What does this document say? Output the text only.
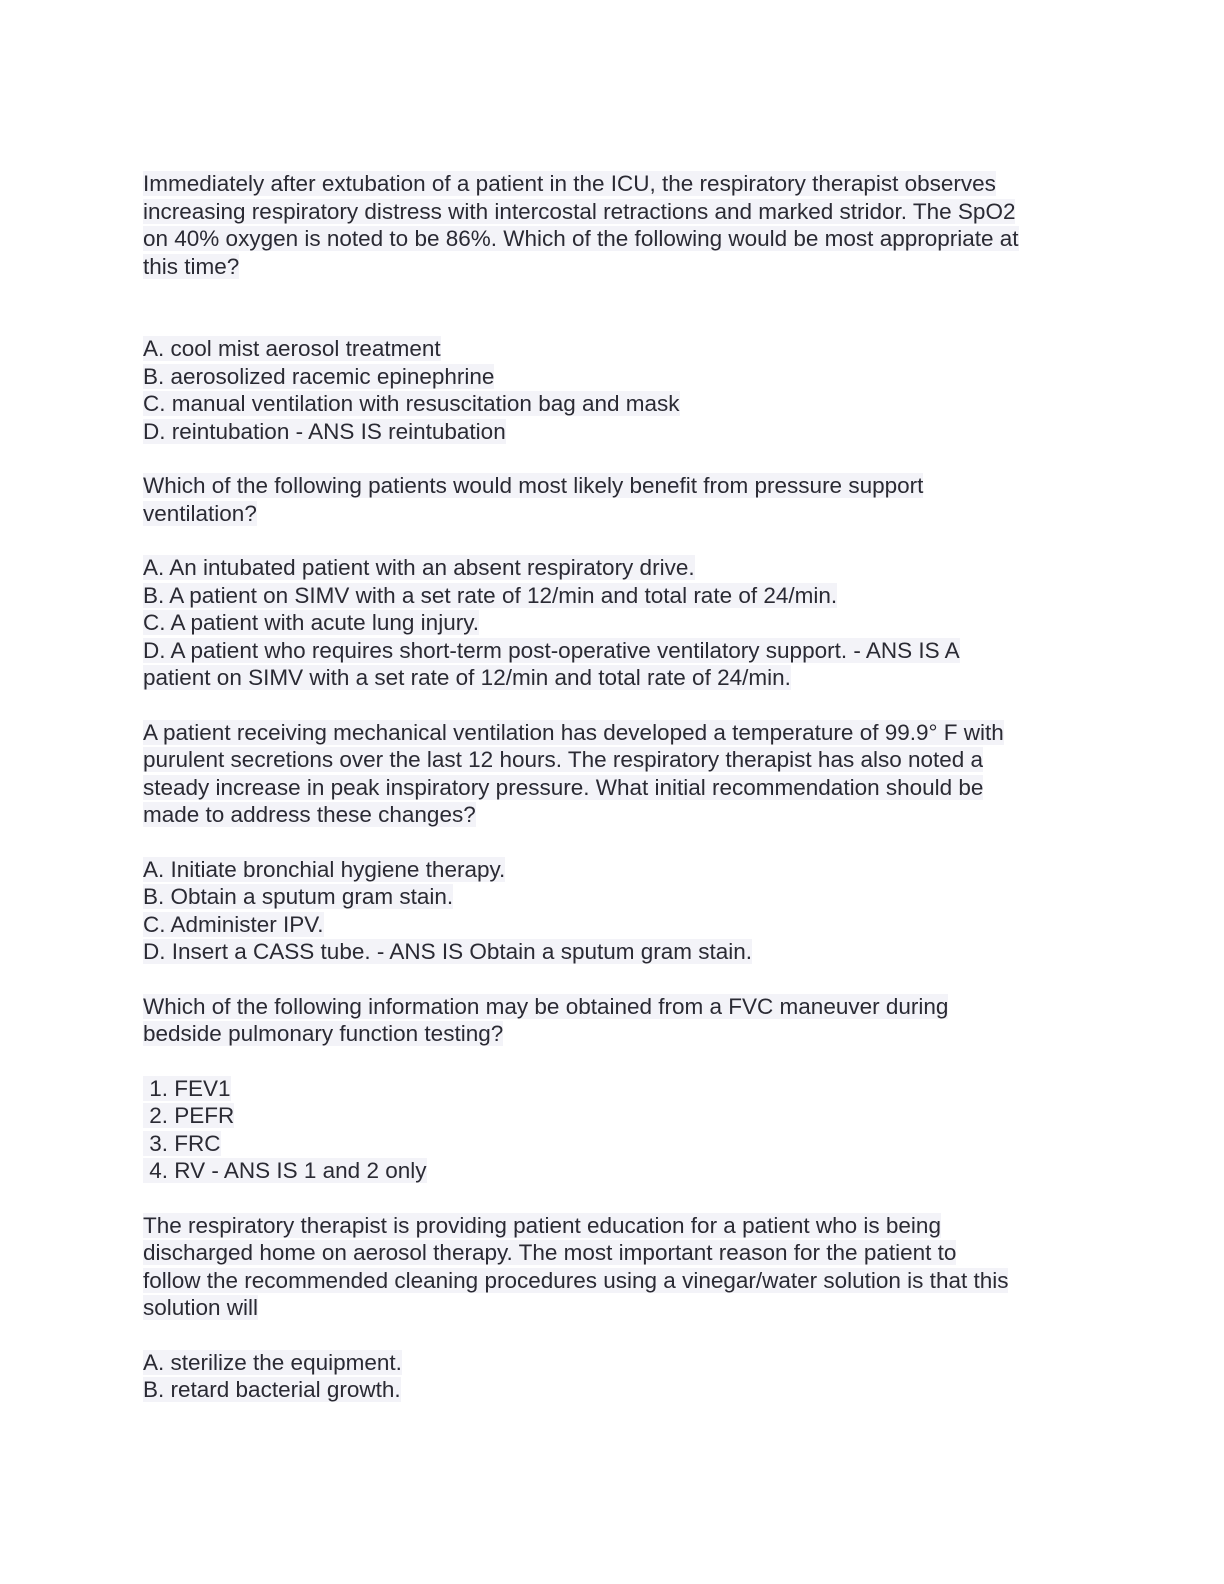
Immediately after extubation of a patient in the ICU, the respiratory therapist observes
increasing respiratory distress with intercostal retractions and marked stridor. The SpO2
on 40% oxygen is noted to be 86%. Which of the following would be most appropriate at
this time?
A. cool mist aerosol treatment
B. aerosolized racemic epinephrine
C. manual ventilation with resuscitation bag and mask
D. reintubation - ANS IS reintubation
Which of the following patients would most likely benefit from pressure support
ventilation?
A. An intubated patient with an absent respiratory drive.
B. A patient on SIMV with a set rate of 12/min and total rate of 24/min.
C. A patient with acute lung injury.
D. A patient who requires short-term post-operative ventilatory support. - ANS IS A
patient on SIMV with a set rate of 12/min and total rate of 24/min.
A patient receiving mechanical ventilation has developed a temperature of 99.9° F with
purulent secretions over the last 12 hours. The respiratory therapist has also noted a
steady increase in peak inspiratory pressure. What initial recommendation should be
made to address these changes?
A. Initiate bronchial hygiene therapy.
B. Obtain a sputum gram stain.
C. Administer IPV.
D. Insert a CASS tube. - ANS IS Obtain a sputum gram stain.
Which of the following information may be obtained from a FVC maneuver during
bedside pulmonary function testing?
1. FEV1
2. PEFR
3. FRC
4. RV - ANS IS 1 and 2 only
The respiratory therapist is providing patient education for a patient who is being
discharged home on aerosol therapy. The most important reason for the patient to
follow the recommended cleaning procedures using a vinegar/water solution is that this
solution will
A. sterilize the equipment.
B. retard bacterial growth.
